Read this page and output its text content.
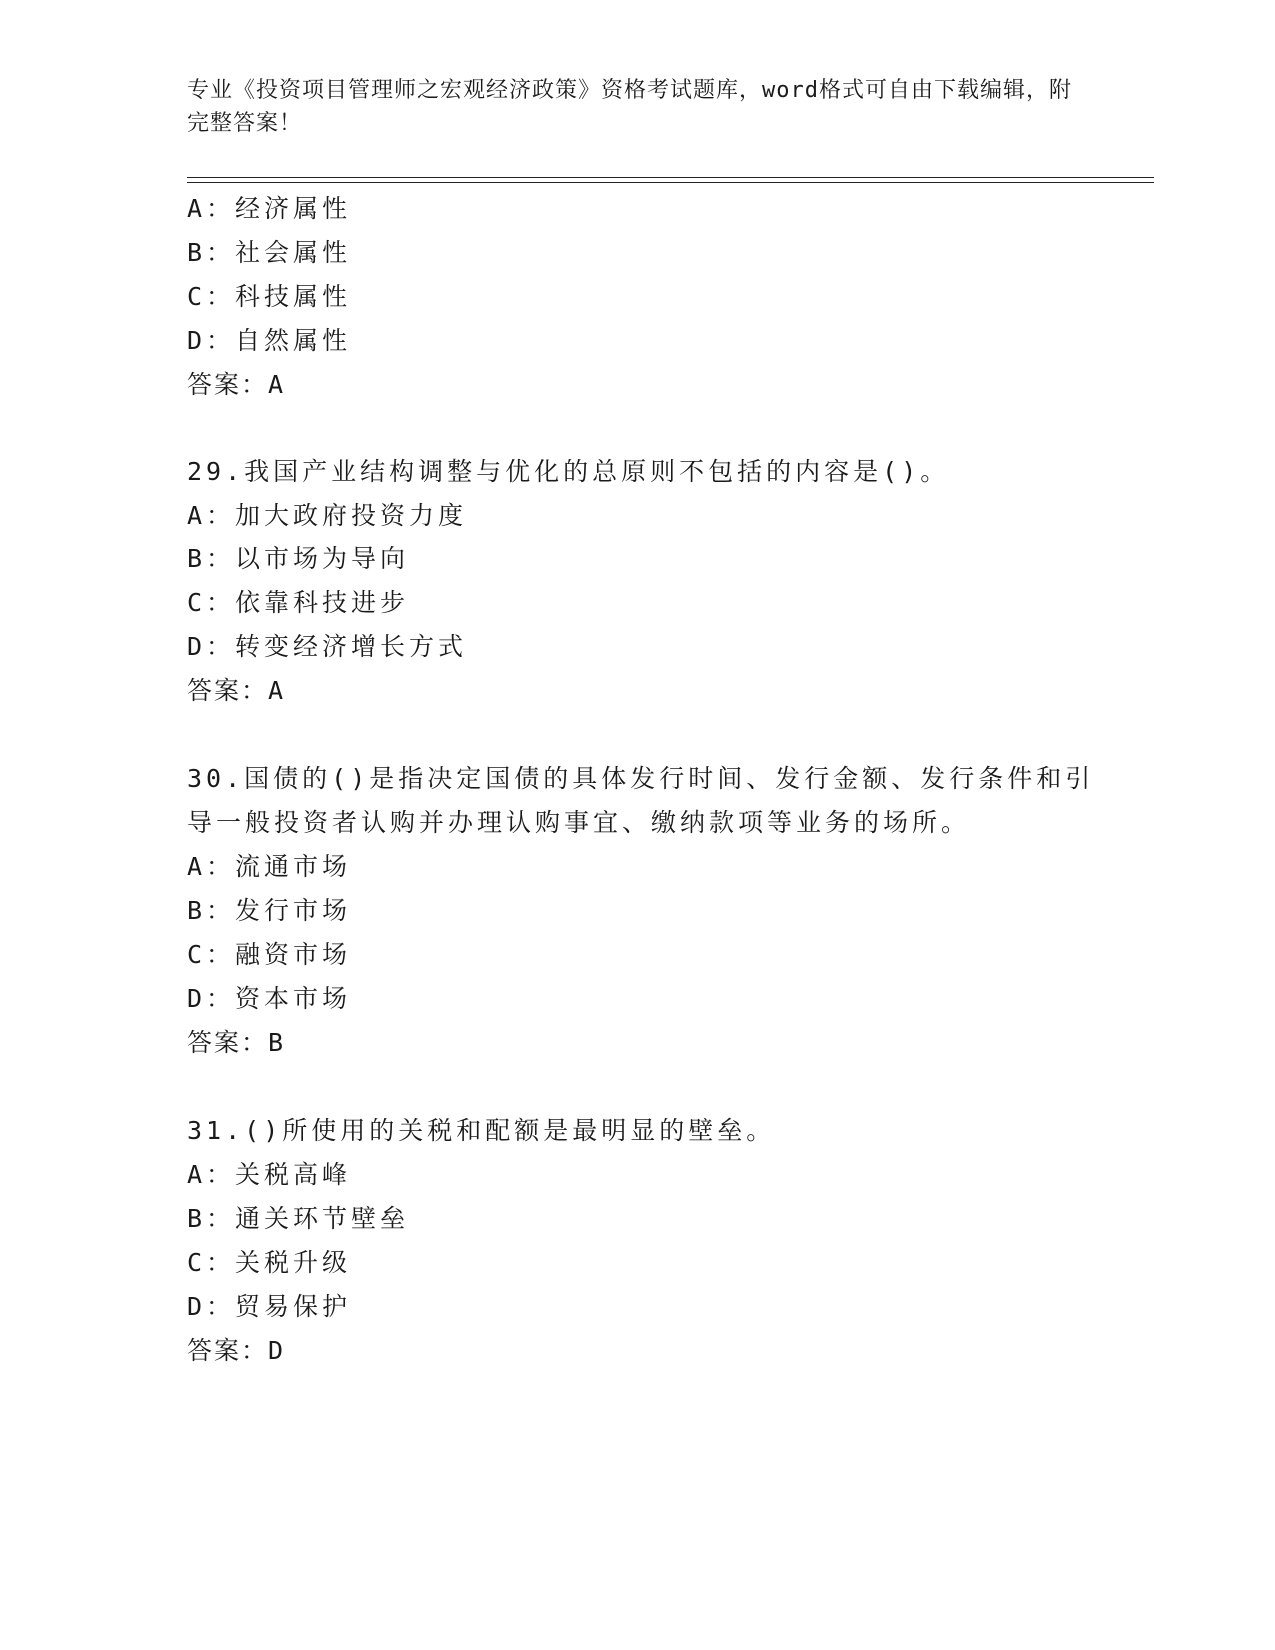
专业《投资项目管理师之宏观经济政策》资格考试题库，word格式可自由下载编辑，附完整答案！
A：经济属性
B：社会属性
C：科技属性
D：自然属性
答案：A
29.我国产业结构调整与优化的总原则不包括的内容是()。
A：加大政府投资力度
B：以市场为导向
C：依靠科技进步
D：转变经济增长方式
答案：A
30.国债的()是指决定国债的具体发行时间、发行金额、发行条件和引
导一般投资者认购并办理认购事宜、缴纳款项等业务的场所。
A：流通市场
B：发行市场
C：融资市场
D：资本市场
答案：B
31.()所使用的关税和配额是最明显的壁垒。
A：关税高峰
B：通关环节壁垒
C：关税升级
D：贸易保护
答案：D
